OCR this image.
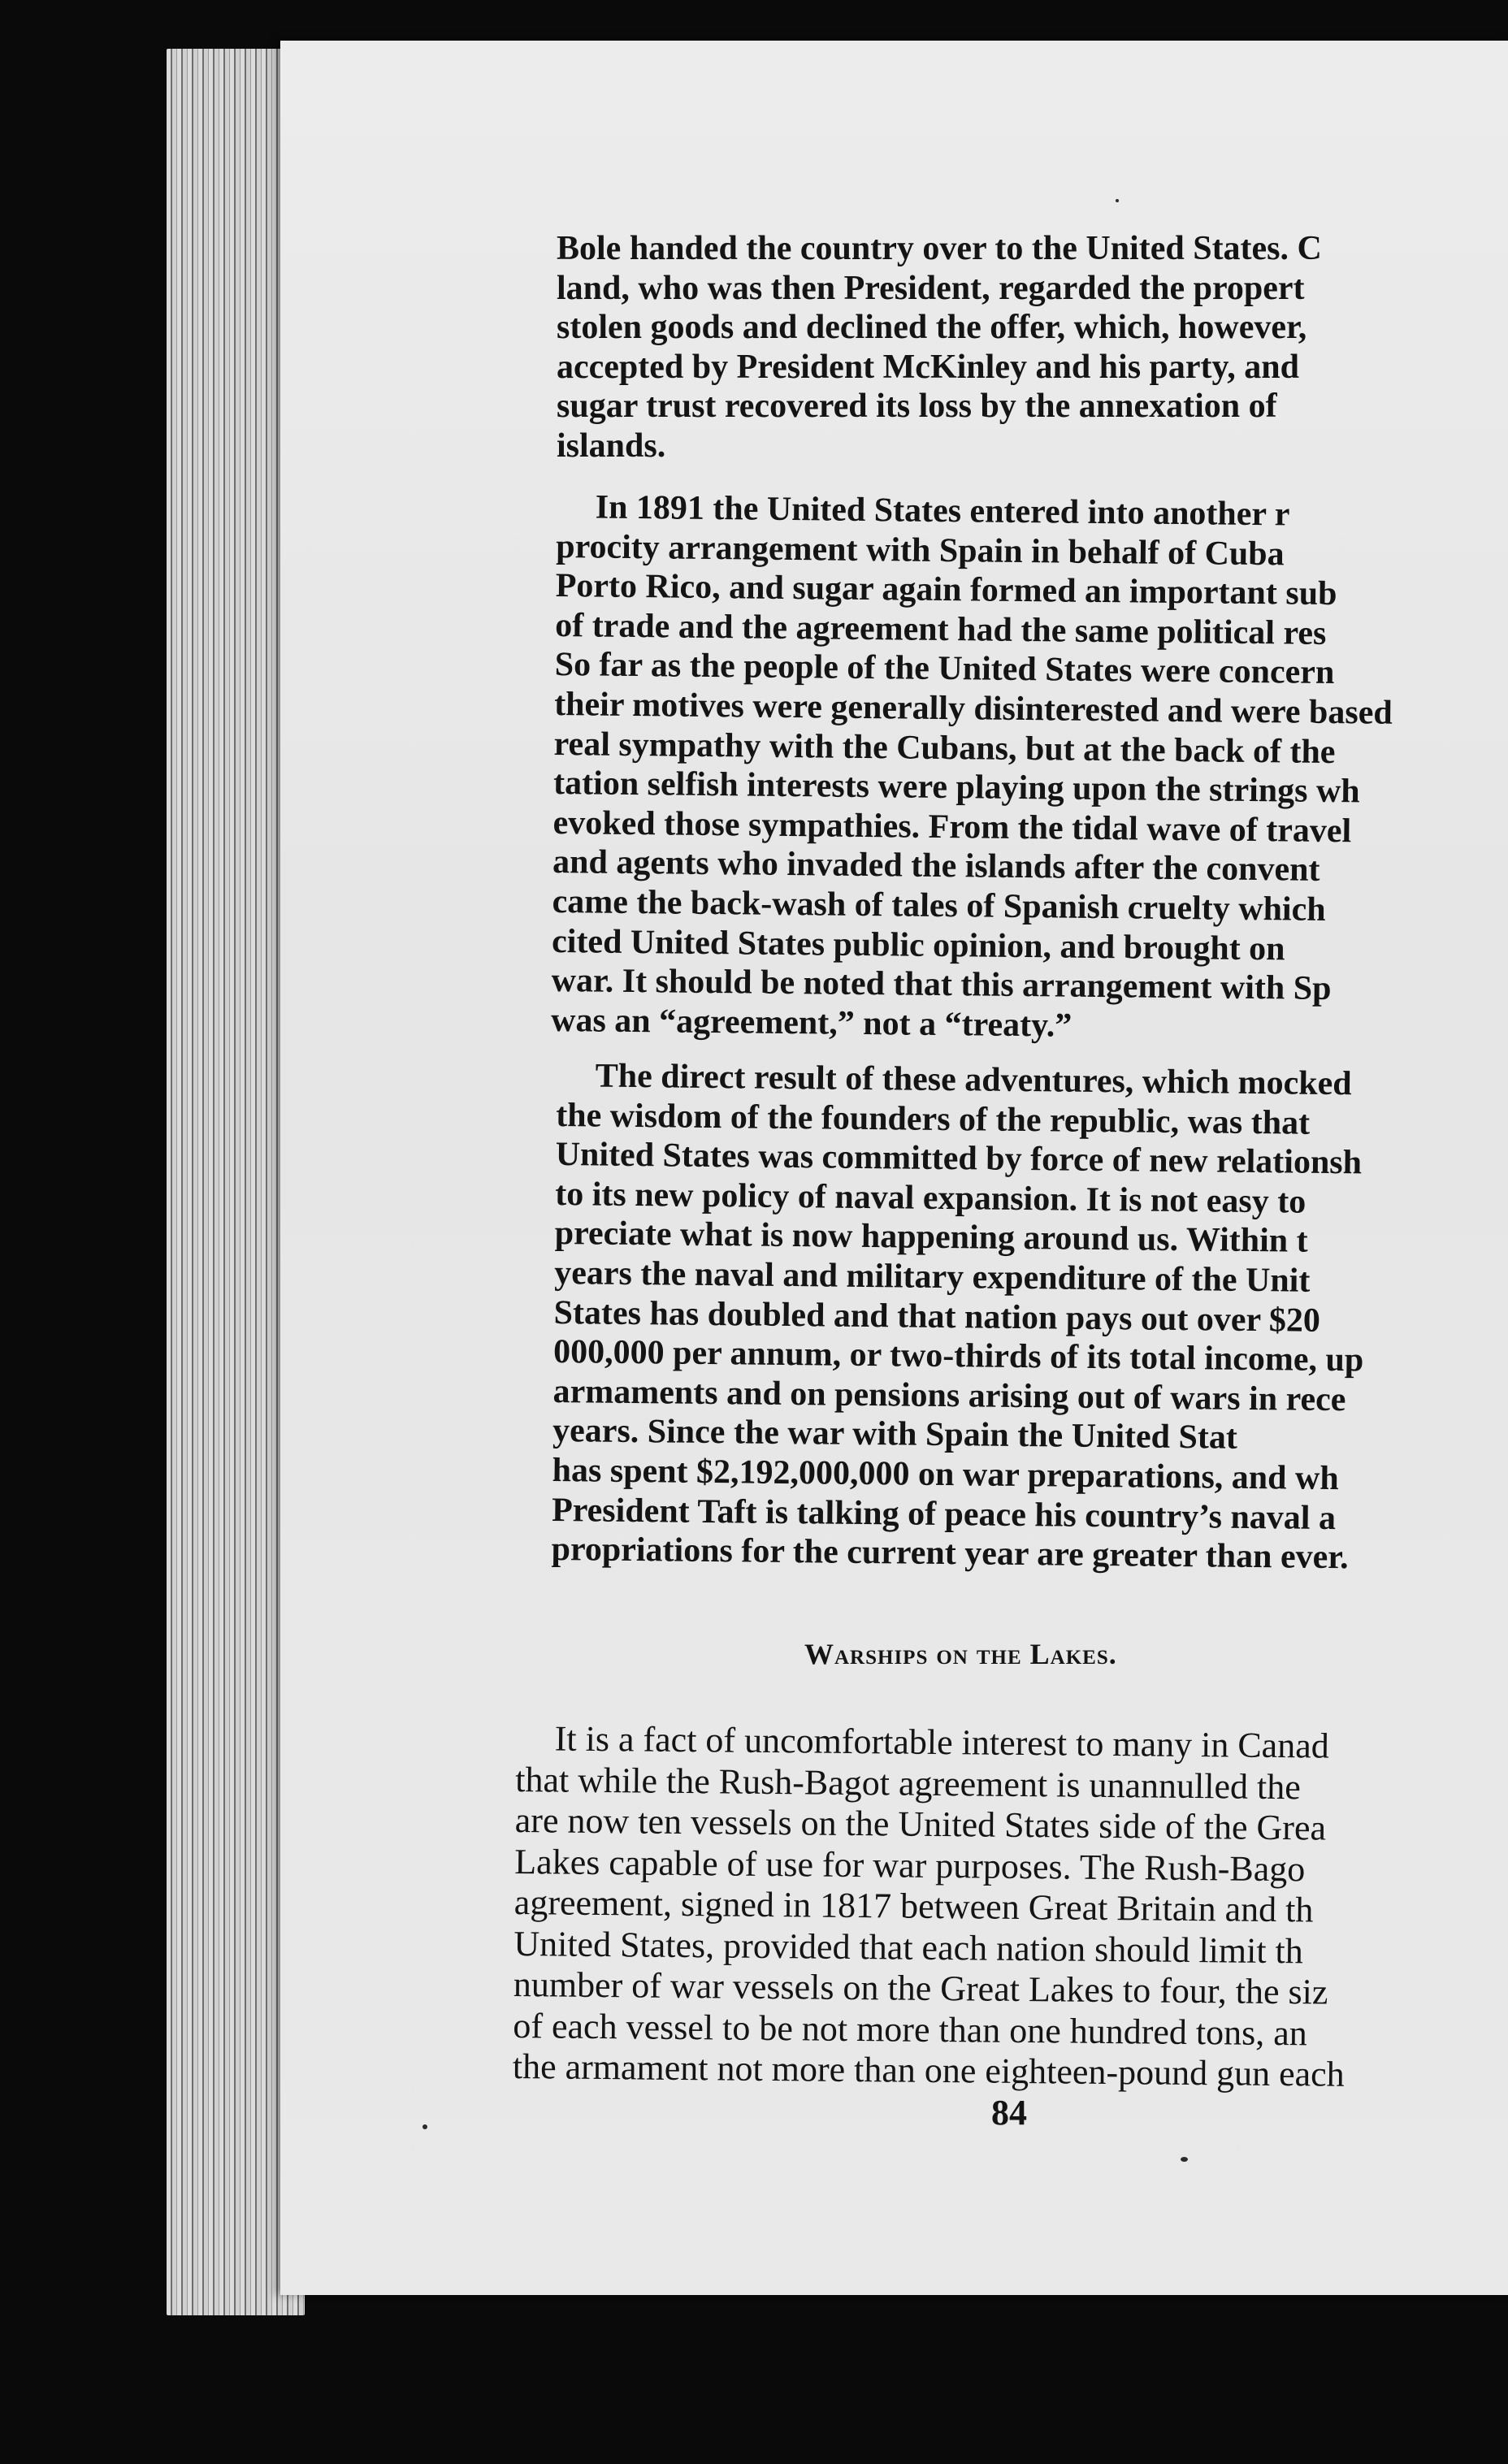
Bole handed the country over to the United States. C
land, who was then President, regarded the propert
stolen goods and declined the offer, which, however,
accepted by President McKinley and his party, and
sugar trust recovered its loss by the annexation of
islands.
In 1891 the United States entered into another r
procity arrangement with Spain in behalf of Cuba
Porto Rico, and sugar again formed an important sub
of trade and the agreement had the same political res
So far as the people of the United States were concern
their motives were generally disinterested and were based
real sympathy with the Cubans, but at the back of the
tation selfish interests were playing upon the strings wh
evoked those sympathies. From the tidal wave of travel
and agents who invaded the islands after the convent
came the back-wash of tales of Spanish cruelty which
cited United States public opinion, and brought on
war. It should be noted that this arrangement with Sp
was an “agreement,” not a “treaty.”
The direct result of these adventures, which mocked
the wisdom of the founders of the republic, was that
United States was committed by force of new relationsh
to its new policy of naval expansion. It is not easy to
preciate what is now happening around us. Within t
years the naval and military expenditure of the Unit
States has doubled and that nation pays out over $20
000,000 per annum, or two-thirds of its total income, up
armaments and on pensions arising out of wars in rece
years. Since the war with Spain the United Stat
has spent $2,192,000,000 on war preparations, and wh
President Taft is talking of peace his country’s naval a
propriations for the current year are greater than ever.
Warships on the Lakes.
It is a fact of uncomfortable interest to many in Canad
that while the Rush-Bagot agreement is unannulled the
are now ten vessels on the United States side of the Grea
Lakes capable of use for war purposes. The Rush-Bago
agreement, signed in 1817 between Great Britain and th
United States, provided that each nation should limit th
number of war vessels on the Great Lakes to four, the siz
of each vessel to be not more than one hundred tons, an
the armament not more than one eighteen-pound gun each
84
